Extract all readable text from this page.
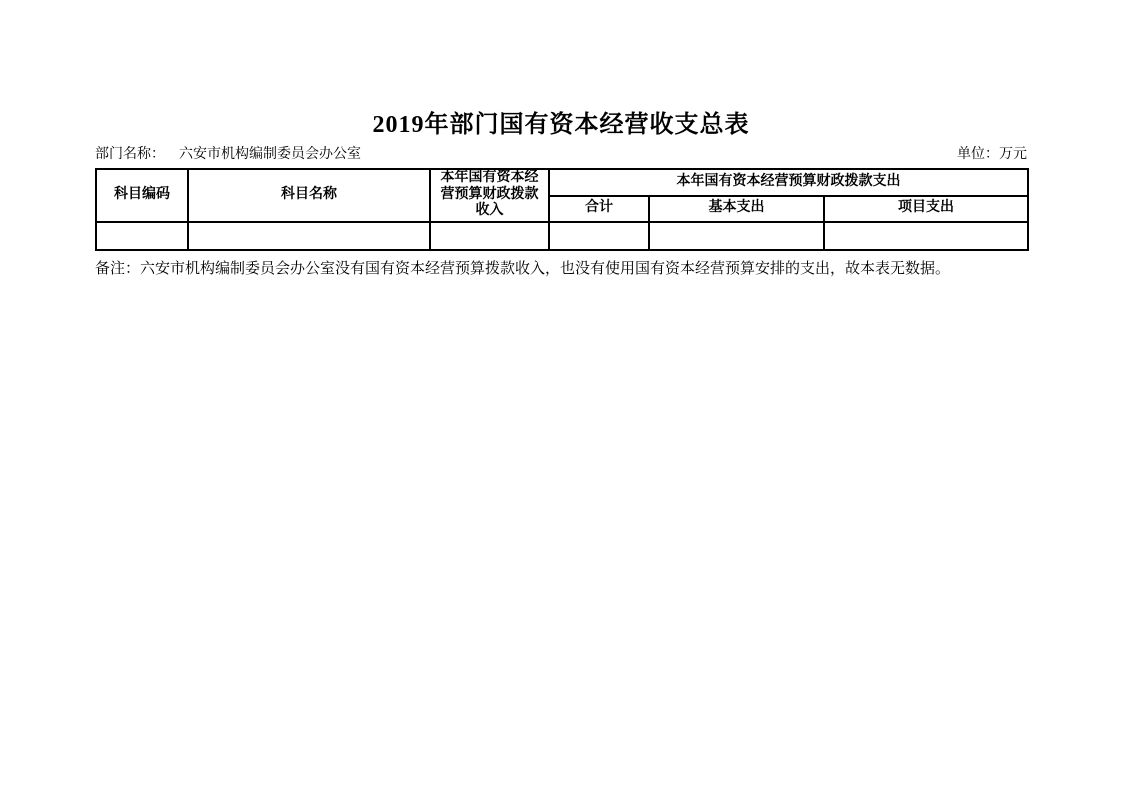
2019年部门国有资本经营收支总表
部门名称： 六安市机构编制委员会办公室	单位：万元
科目编码	科目名称	本年国有资本经营预算财政拨款收入	本年国有资本经营预算财政拨款支出		
			合计	基本支出	项目支出

备注：六安市机构编制委员会办公室没有国有资本经营预算拨款收入，也没有使用国有资本经营预算安排的支出，故本表无数据。
